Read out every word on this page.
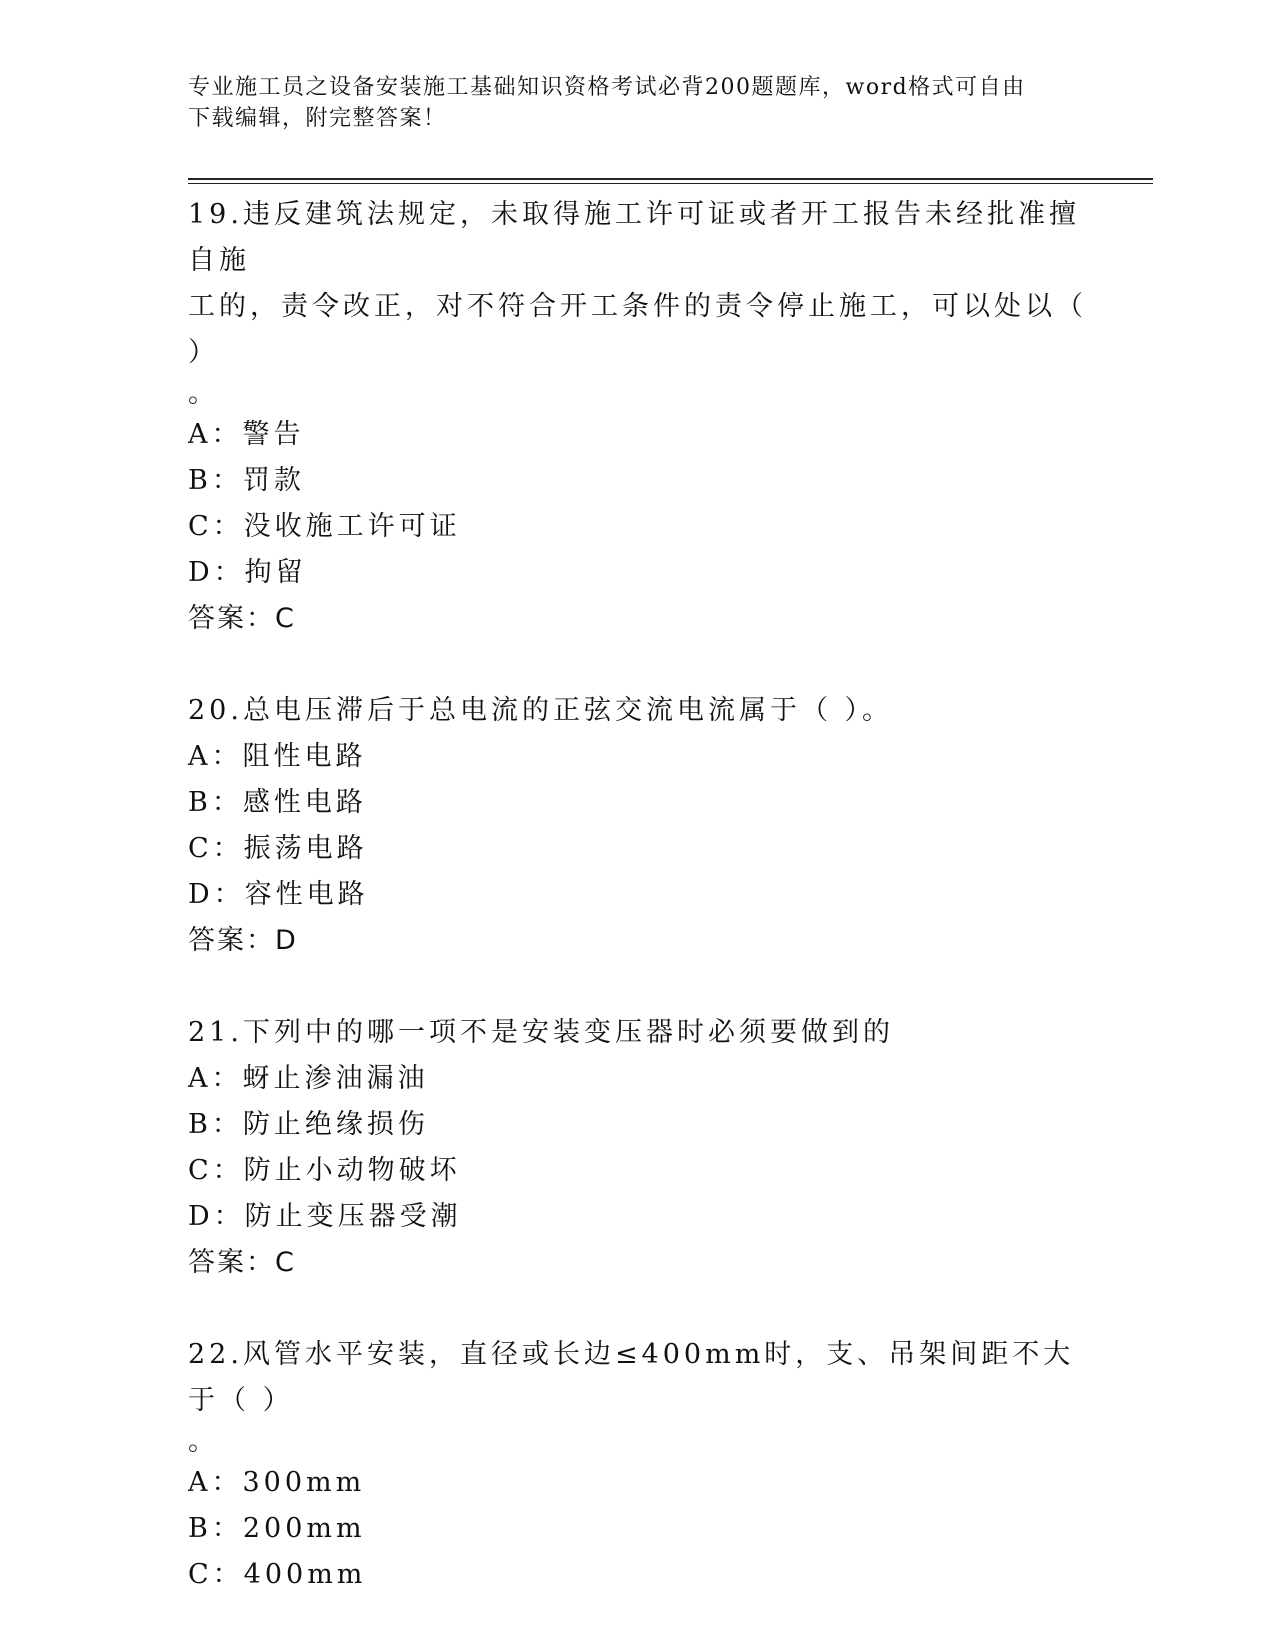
专业施工员之设备安装施工基础知识资格考试必背200题题库，word格式可自由

下载编辑，附完整答案！
19.违反建筑法规定，未取得施工许可证或者开工报告未经批准擅自施
工的，责令改正，对不符合开工条件的责令停止施工，可以处以（ ）
。
A：警告
B：罚款
C：没收施工许可证
D：拘留
答案：C
20.总电压滞后于总电流的正弦交流电流属于（ ）。
A：阻性电路
B：感性电路
C：振荡电路
D：容性电路
答案：D
21.下列中的哪一项不是安装变压器时必须要做到的
A：蚜止渗油漏油
B：防止绝缘损伤
C：防止小动物破坏
D：防止变压器受潮
答案：C
22.风管水平安装，直径或长边≤400mm时，支、吊架间距不大于（ ）
。
A：300mm
B：200mm
C：400mm
